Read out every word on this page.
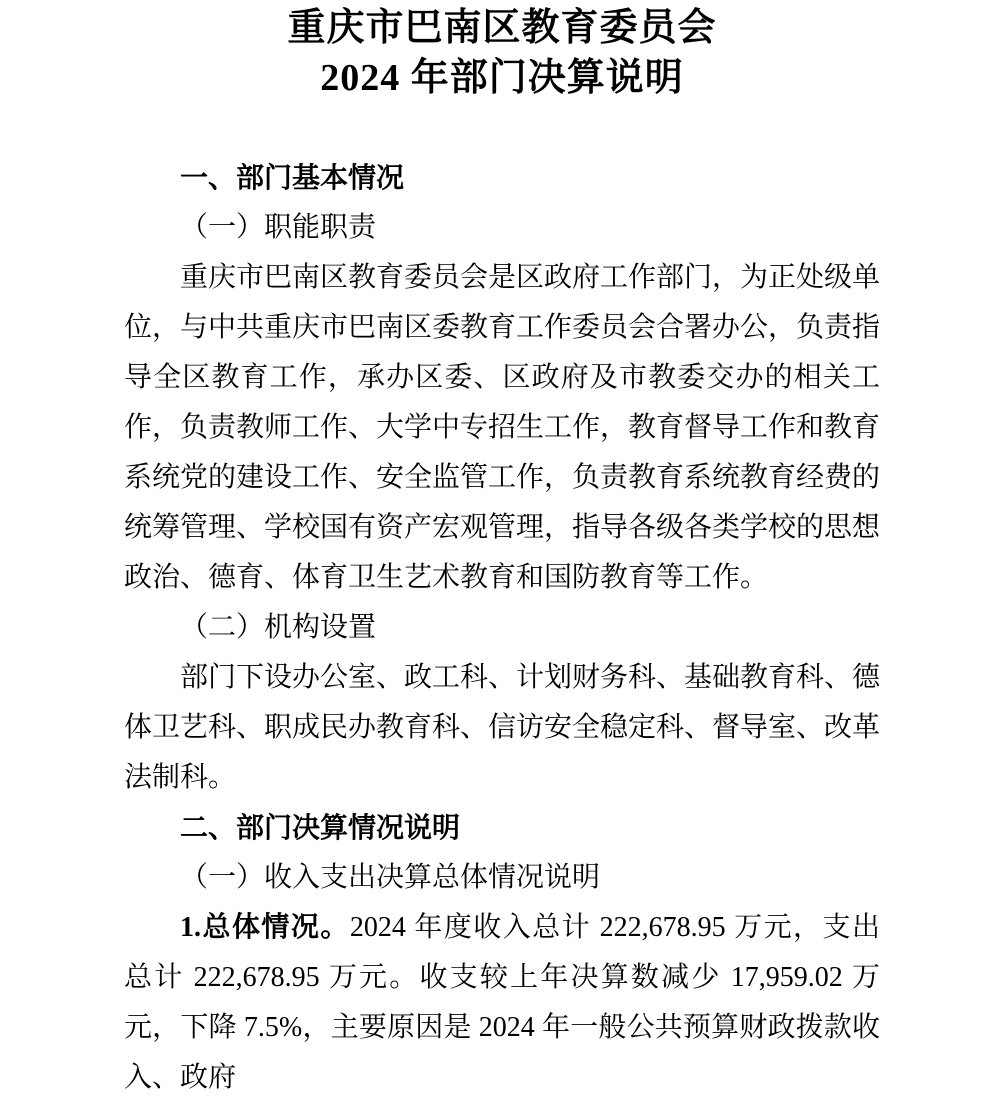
重庆市巴南区教育委员会
2024 年部门决算说明

一、部门基本情况

（一）职能职责

重庆市巴南区教育委员会是区政府工作部门，为正处级单位，与中共重庆市巴南区委教育工作委员会合署办公，负责指导全区教育工作，承办区委、区政府及市教委交办的相关工作，负责教师工作、大学中专招生工作，教育督导工作和教育系统党的建设工作、安全监管工作，负责教育系统教育经费的统筹管理、学校国有资产宏观管理，指导各级各类学校的思想政治、德育、体育卫生艺术教育和国防教育等工作。

（二）机构设置

部门下设办公室、政工科、计划财务科、基础教育科、德体卫艺科、职成民办教育科、信访安全稳定科、督导室、改革法制科。

二、部门决算情况说明

（一）收入支出决算总体情况说明

1.总体情况。2024 年度收入总计 222,678.95 万元，支出总计 222,678.95 万元。收支较上年决算数减少 17,959.02 万元，下降 7.5%，主要原因是 2024 年一般公共预算财政拨款收入、政府
